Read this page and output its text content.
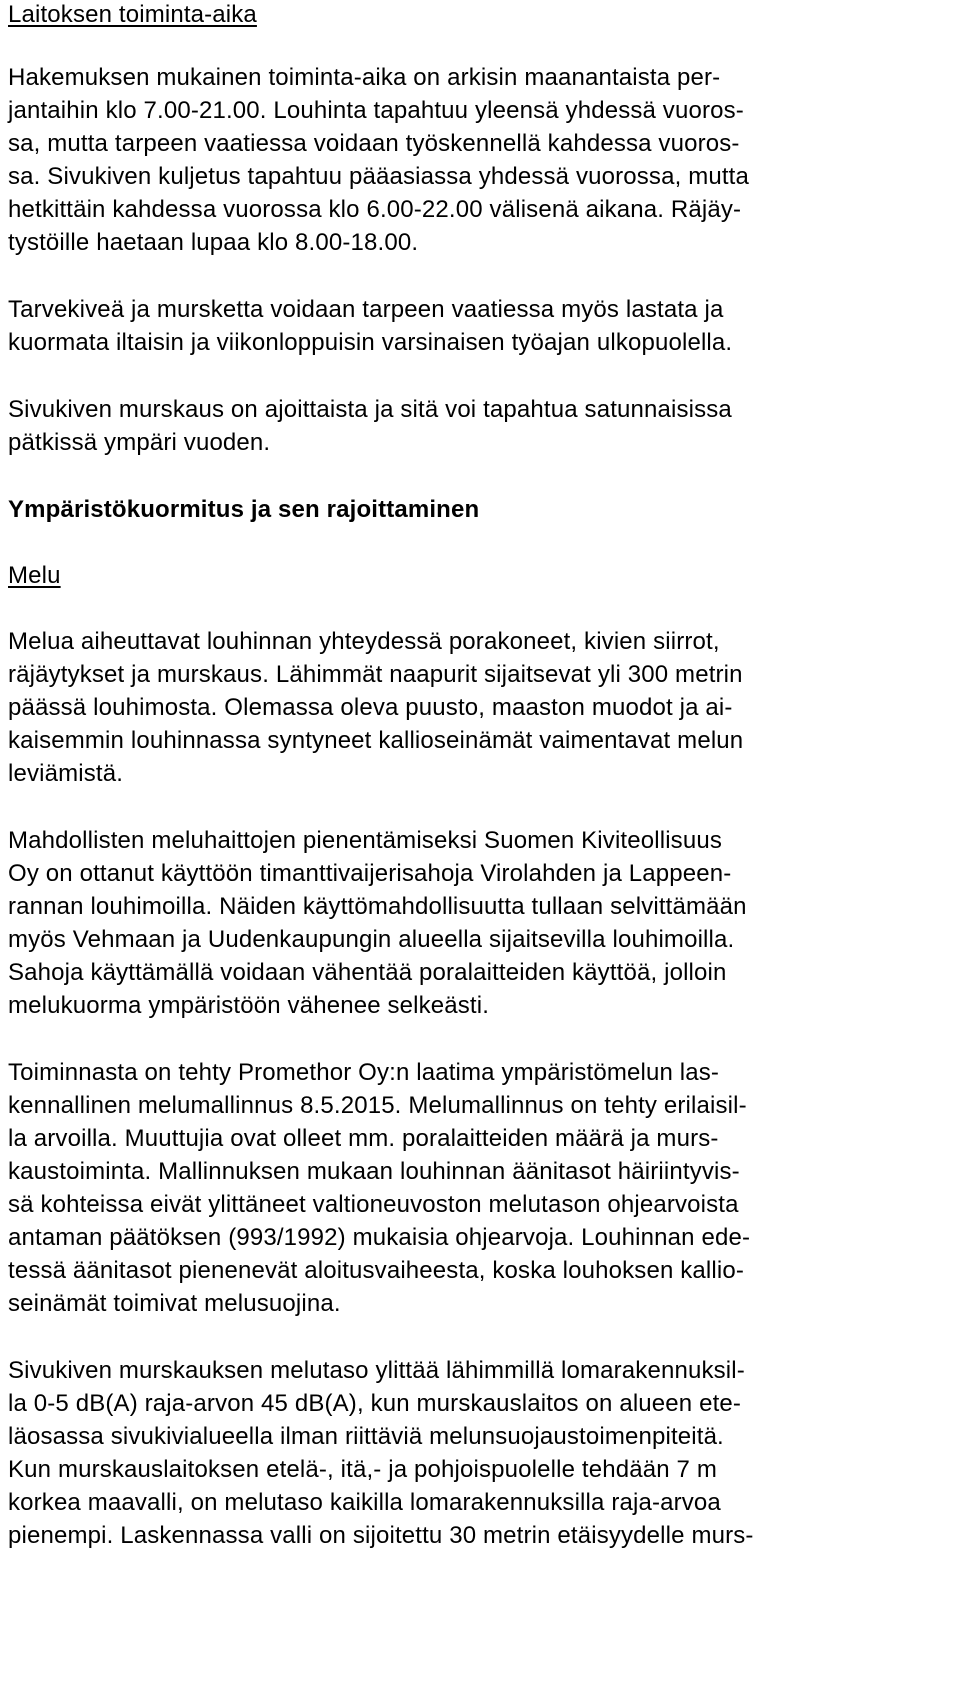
Laitoksen toiminta-aika
Hakemuksen mukainen toiminta-aika on arkisin maanantaista per-
jantaihin klo 7.00-21.00. Louhinta tapahtuu yleensä yhdessä vuoros-
sa, mutta tarpeen vaatiessa voidaan työskennellä kahdessa vuoros-
sa. Sivukiven kuljetus tapahtuu pääasiassa yhdessä vuorossa, mutta
hetkittäin kahdessa vuorossa klo 6.00-22.00 välisenä aikana. Räjäy-
tystöille haetaan lupaa klo 8.00-18.00.
Tarvekiveä ja mursketta voidaan tarpeen vaatiessa myös lastata ja
kuormata iltaisin ja viikonloppuisin varsinaisen työajan ulkopuolella.
Sivukiven murskaus on ajoittaista ja sitä voi tapahtua satunnaisissa
pätkissä ympäri vuoden.
Ympäristökuormitus ja sen rajoittaminen
Melu
Melua aiheuttavat louhinnan yhteydessä porakoneet, kivien siirrot,
räjäytykset ja murskaus. Lähimmät naapurit sijaitsevat yli 300 metrin
päässä louhimosta. Olemassa oleva puusto, maaston muodot ja ai-
kaisemmin louhinnassa syntyneet kallioseinämät vaimentavat melun
leviämistä.
Mahdollisten meluhaittojen pienentämiseksi Suomen Kiviteollisuus
Oy on ottanut käyttöön timanttivaijerisahoja Virolahden ja Lappeen-
rannan louhimoilla. Näiden käyttömahdollisuutta tullaan selvittämään
myös Vehmaan ja Uudenkaupungin alueella sijaitsevilla louhimoilla.
Sahoja käyttämällä voidaan vähentää poralaitteiden käyttöä, jolloin
melukuorma ympäristöön vähenee selkeästi.
Toiminnasta on tehty Promethor Oy:n laatima ympäristömelun las-
kennallinen melumallinnus 8.5.2015. Melumallinnus on tehty erilaisil-
la arvoilla. Muuttujia ovat olleet mm. poralaitteiden määrä ja murs-
kaustoiminta. Mallinnuksen mukaan louhinnan äänitasot häiriintyvis-
sä kohteissa eivät ylittäneet valtioneuvoston melutason ohjearvoista
antaman päätöksen (993/1992) mukaisia ohjearvoja. Louhinnan ede-
tessä äänitasot pienenevät aloitusvaiheesta, koska louhoksen kallio-
seinämät toimivat melusuojina.
Sivukiven murskauksen melutaso ylittää lähimmillä lomarakennuksil-
la 0-5 dB(A) raja-arvon 45 dB(A), kun murskauslaitos on alueen ete-
läosassa sivukivialueella ilman riittäviä melunsuojaustoimenpiteitä.
Kun murskauslaitoksen etelä-, itä,- ja pohjoispuolelle tehdään 7 m
korkea maavalli, on melutaso kaikilla lomarakennuksilla raja-arvoa
pienempi. Laskennassa valli on sijoitettu 30 metrin etäisyydelle murs-
